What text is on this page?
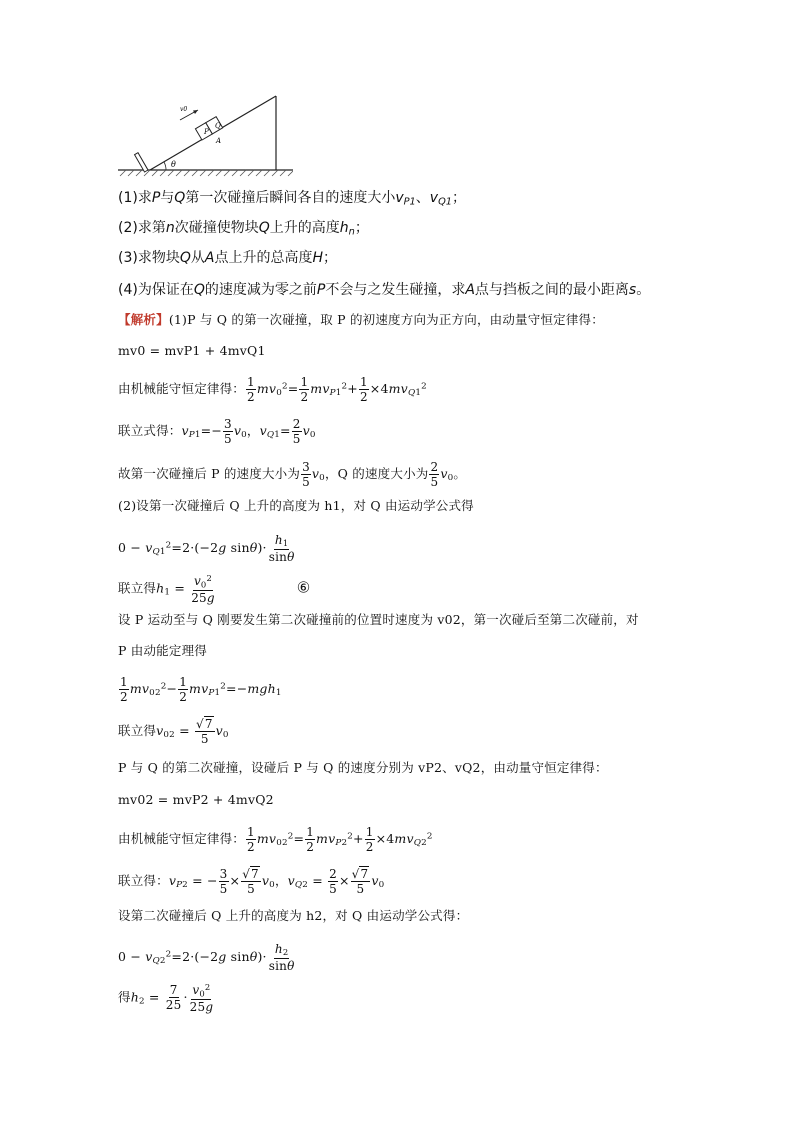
θ
P
Q
A
v0
(1)求P与Q第一次碰撞后瞬间各自的速度大小$v_{P1}$、$v_{Q1}$；
(2)求第n次碰撞使物块Q上升的高度$h_n$；
(3)求物块Q从A点上升的总高度H；
(4)为保证在Q的速度减为零之前P不会与之发生碰撞，求A点与挡板之间的最小距离s。
【解析】(1)P 与 Q 的第一次碰撞，取 P 的初速度方向为正方向，由动量守恒定律得：
mv0 = mvP1 + 4mvQ1
由机械能守恒定律得： $\frac{1}{2} mv_0^2= \frac{1}{2} mv_{P1}^2+ \frac{1}{2} \times 4mv_{Q1}^2$
联立式得：$v_{P1}=- \frac{3}{5} v_0$，$v_{Q1}= \frac{2}{5} v_0$
故第一次碰撞后 P 的速度大小为 $\frac{3}{5} v_0$，Q 的速度大小为 $\frac{2}{5} v_0$。
(2)设第一次碰撞后 Q 上升的高度为 h1，对 Q 由运动学公式得
$0 - v_{Q1}^2=2\cdot(-2g$ $\sin\theta)\cdot \frac{h_1}{\sin\theta}$
联立得$h_1 = \frac{v_0^2}{25g}$	⑥
设 P 运动至与 Q 刚要发生第二次碰撞前的位置时速度为 v02，第一次碰后至第二次碰前，对
P 由动能定理得
$\frac{1}{2} mv_{02}^2- \frac{1}{2} mv_{P1}^2=-mgh_1$
联立得$v_{02} = \frac{√7}{5} v_0$
P 与 Q 的第二次碰撞，设碰后 P 与 Q 的速度分别为 vP2、vQ2，由动量守恒定律得：
mv02 = mvP2 + 4mvQ2
由机械能守恒定律得： $\frac{1}{2} mv_{02}^2= \frac{1}{2} mv_{P2}^2+ \frac{1}{2} \times 4mv_{Q2}^2$
联立得：$v_{P2}$ = − $\frac{3}{5} \times \frac{√7}{5} v_0$，$v_{Q2} = \frac{2}{5} \times \frac{√7}{5} v_0$
设第二次碰撞后 Q 上升的高度为 h2，对 Q 由运动学公式得：
$0 - v_{Q2}^2=2\cdot(-2g$ $\sin\theta)\cdot \frac{h_2}{\sin\theta}$
得$h_2 = \frac{7}{25} \cdot \frac{v_0^2}{25g}$
